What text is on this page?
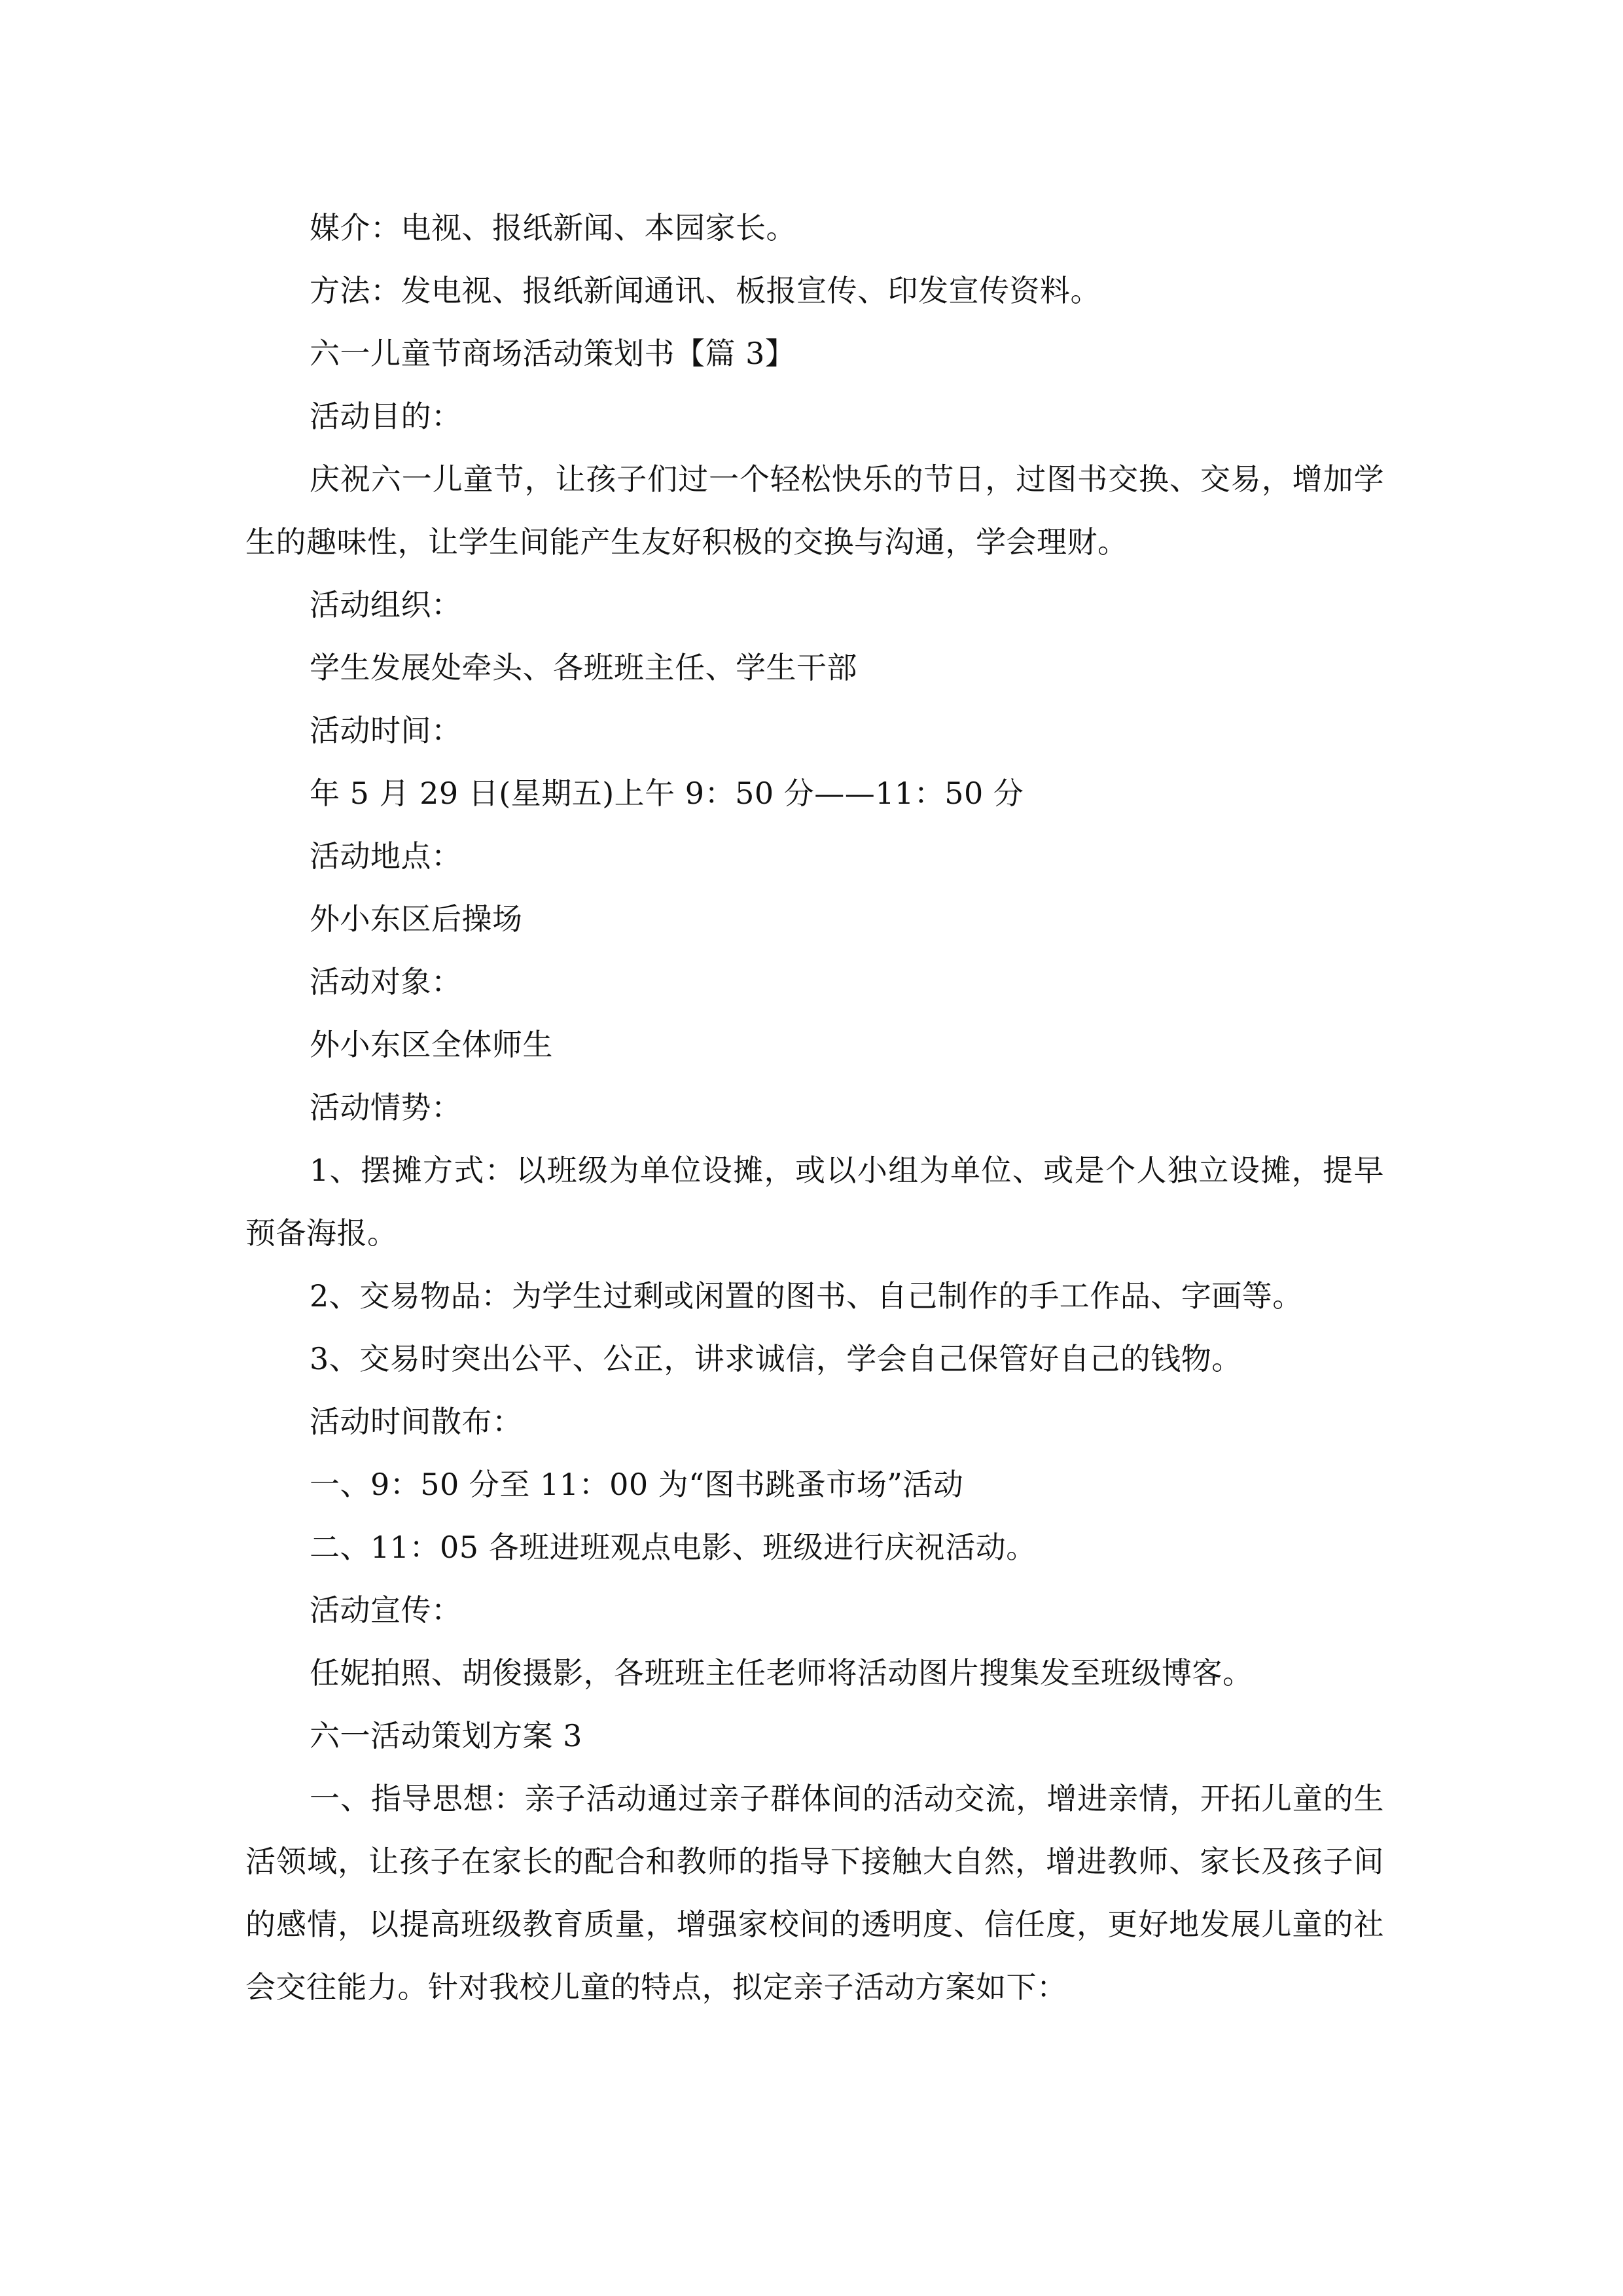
媒介：电视、报纸新闻、本园家长。
方法：发电视、报纸新闻通讯、板报宣传、印发宣传资料。
六一儿童节商场活动策划书【篇 3】
活动目的：
庆祝六一儿童节，让孩子们过一个轻松快乐的节日，过图书交换、交易，增加学生的趣味性，让学生间能产生友好积极的交换与沟通，学会理财。
活动组织：
学生发展处牵头、各班班主任、学生干部
活动时间：
年 5 月 29 日(星期五)上午 9：50 分——11：50 分
活动地点：
外小东区后操场
活动对象：
外小东区全体师生
活动情势：
1、摆摊方式：以班级为单位设摊，或以小组为单位、或是个人独立设摊，提早预备海报。
2、交易物品：为学生过剩或闲置的图书、自己制作的手工作品、字画等。
3、交易时突出公平、公正，讲求诚信，学会自己保管好自己的钱物。
活动时间散布：
一、9：50 分至 11：00 为“图书跳蚤市场”活动
二、11：05 各班进班观点电影、班级进行庆祝活动。
活动宣传：
任妮拍照、胡俊摄影，各班班主任老师将活动图片搜集发至班级博客。
六一活动策划方案 3
一、指导思想：亲子活动通过亲子群体间的活动交流，增进亲情，开拓儿童的生活领域，让孩子在家长的配合和教师的指导下接触大自然，增进教师、家长及孩子间的感情，以提高班级教育质量，增强家校间的透明度、信任度，更好地发展儿童的社会交往能力。针对我校儿童的特点，拟定亲子活动方案如下：
